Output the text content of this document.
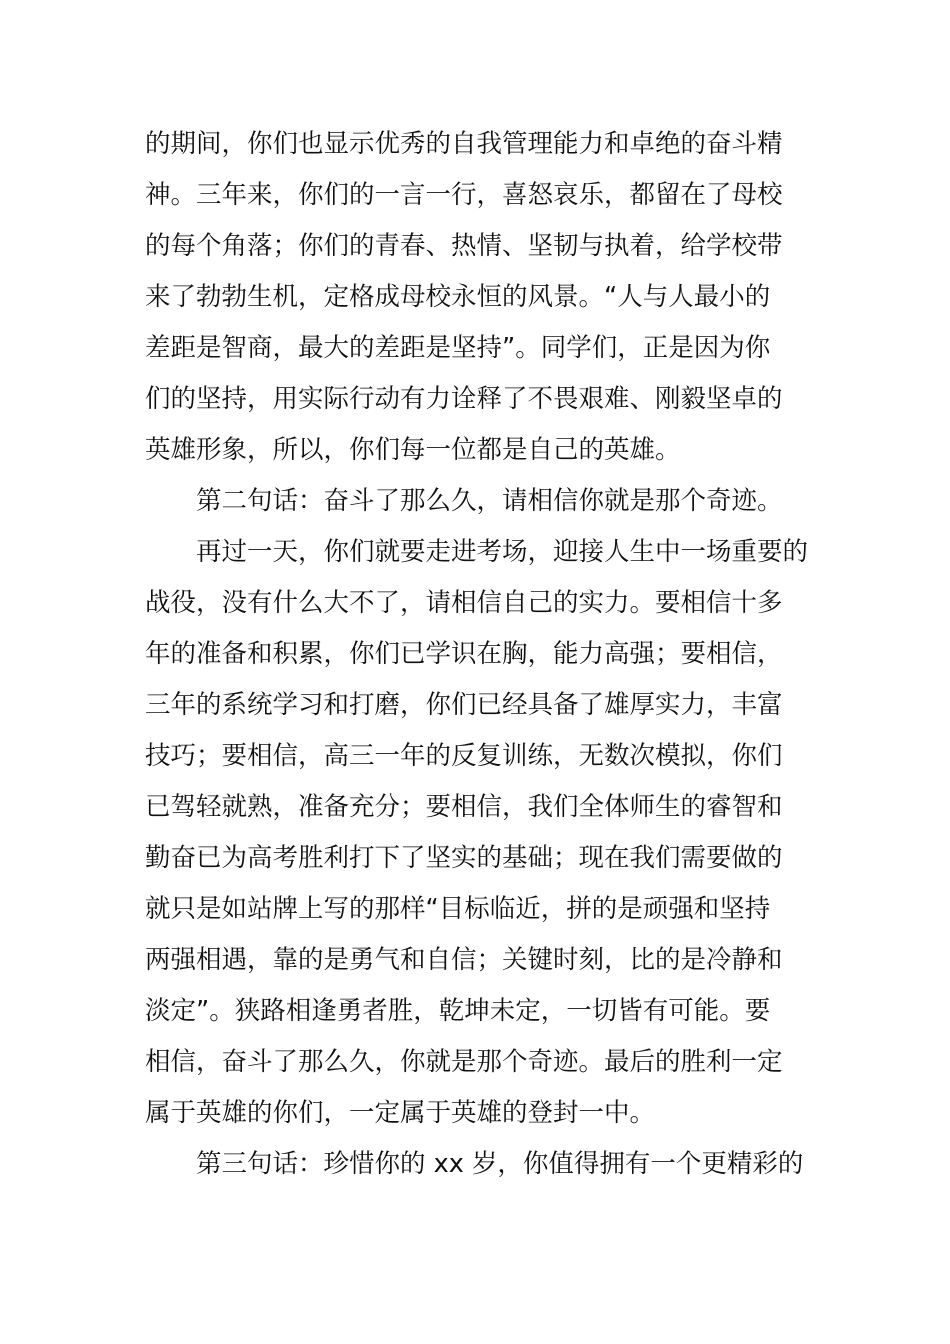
的期间，你们也显示优秀的自我管理能力和卓绝的奋斗精
神。三年来，你们的一言一行，喜怒哀乐，都留在了母校
的每个角落；你们的青春、热情、坚韧与执着，给学校带
来了勃勃生机，定格成母校永恒的风景。“人与人最小的
差距是智商，最大的差距是坚持”。同学们，正是因为你
们的坚持，用实际行动有力诠释了不畏艰难、刚毅坚卓的
英雄形象，所以，你们每一位都是自己的英雄。
　　第二句话：奋斗了那么久，请相信你就是那个奇迹。
　　再过一天，你们就要走进考场，迎接人生中一场重要的
战役，没有什么大不了，请相信自己的实力。要相信十多
年的准备和积累，你们已学识在胸，能力高强；要相信，
三年的系统学习和打磨，你们已经具备了雄厚实力，丰富
技巧；要相信，高三一年的反复训练，无数次模拟，你们
已驾轻就熟，准备充分；要相信，我们全体师生的睿智和
勤奋已为高考胜利打下了坚实的基础；现在我们需要做的
就只是如站牌上写的那样“目标临近，拼的是顽强和坚持
两强相遇，靠的是勇气和自信；关键时刻，比的是冷静和
淡定”。狭路相逢勇者胜，乾坤未定，一切皆有可能。要
相信，奋斗了那么久，你就是那个奇迹。最后的胜利一定
属于英雄的你们，一定属于英雄的登封一中。
　　第三句话：珍惜你的 xx 岁，你值得拥有一个更精彩的
